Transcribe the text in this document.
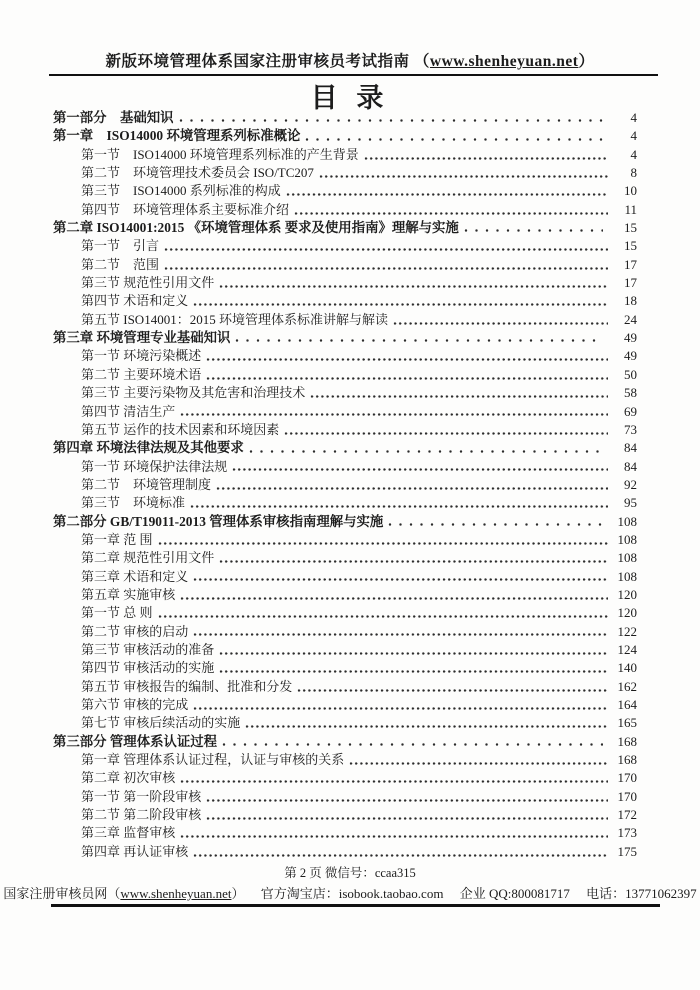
新版环境管理体系国家注册审核员考试指南 （www.shenheyuan.net）
目 录
第一部分　基础知识	4
第一章　ISO14000 环境管理系列标准概论	4
第一节　ISO14000 环境管理系列标准的产生背景	4
第二节　环境管理技术委员会 ISO/TC207	8
第三节　ISO14000 系列标准的构成	10
第四节　环境管理体系主要标准介绍	11
第二章 ISO14001:2015 《环境管理体系 要求及使用指南》理解与实施	15
第一节　引言	15
第二节　范围	17
第三节 规范性引用文件	17
第四节 术语和定义	18
第五节 ISO14001：2015 环境管理体系标准讲解与解读	24
第三章 环境管理专业基础知识	49
第一节 环境污染概述	49
第二节 主要环境术语	50
第三节 主要污染物及其危害和治理技术	58
第四节 清洁生产	69
第五节 运作的技术因素和环境因素	73
第四章 环境法律法规及其他要求	84
第一节 环境保护法律法规	84
第二节　环境管理制度	92
第三节　环境标准	95
第二部分 GB/T19011-2013 管理体系审核指南理解与实施	108
第一章 范 围	108
第二章 规范性引用文件	108
第三章 术语和定义	108
第五章 实施审核	120
第一节 总 则	120
第二节 审核的启动	122
第三节 审核活动的准备	124
第四节 审核活动的实施	140
第五节 审核报告的编制、批准和分发	162
第六节 审核的完成	164
第七节 审核后续活动的实施	165
第三部分 管理体系认证过程	168
第一章 管理体系认证过程，认证与审核的关系	168
第二章 初次审核	170
第一节 第一阶段审核	170
第二节 第二阶段审核	172
第三章 监督审核	173
第四章 再认证审核	175
第 2 页 微信号：ccaa315
国家注册审核员网（www.shenheyuan.net） 官方淘宝店：isobook.taobao.com 企业 QQ:800081717 电话：13771062397
